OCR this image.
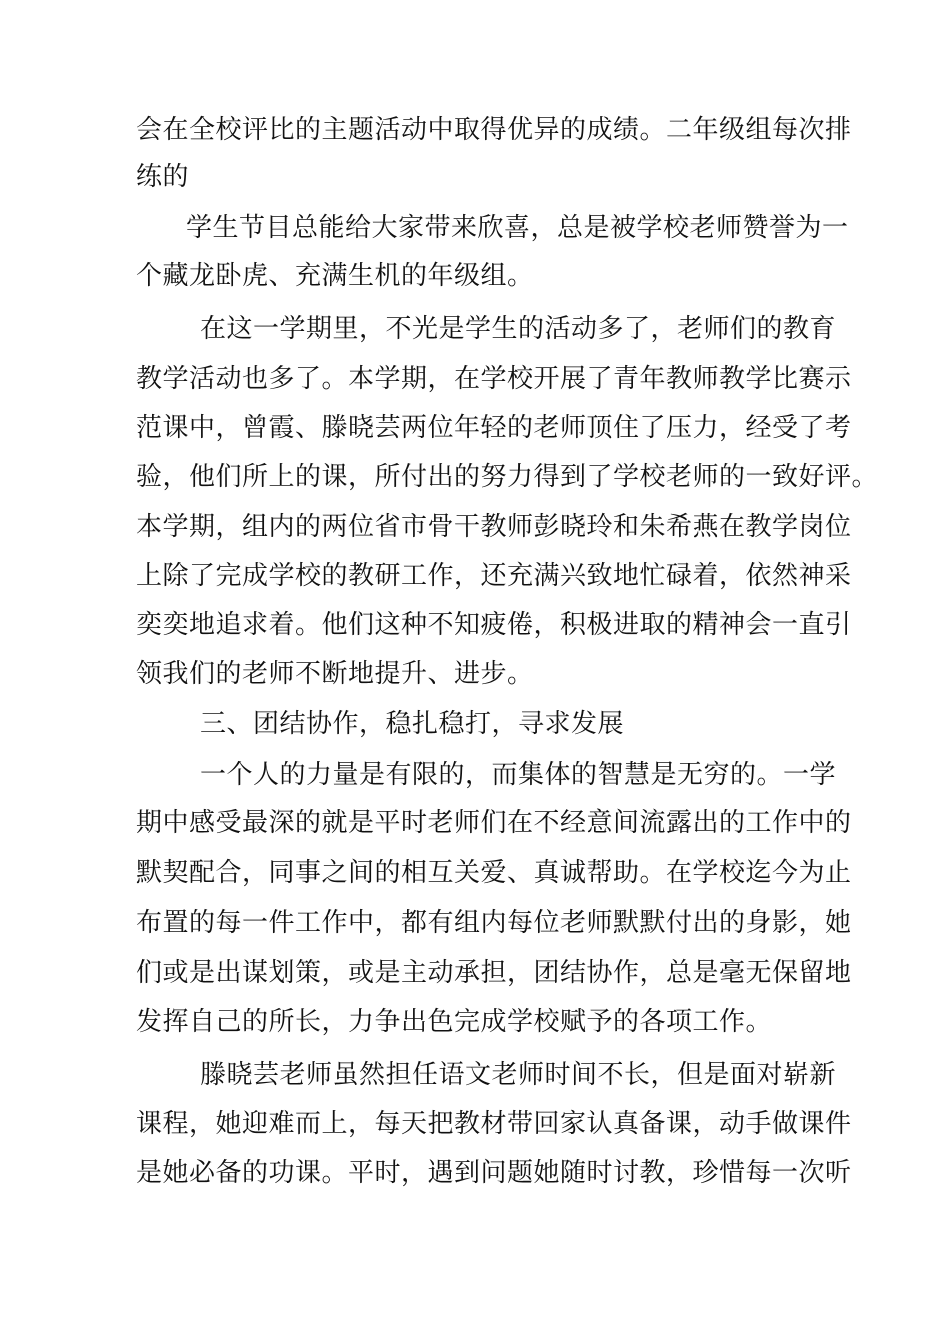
会在全校评比的主题活动中取得优异的成绩。二年级组每次排
练的
学生节目总能给大家带来欣喜，总是被学校老师赞誉为一
个藏龙卧虎、充满生机的年级组。
在这一学期里，不光是学生的活动多了，老师们的教育
教学活动也多了。本学期，在学校开展了青年教师教学比赛示
范课中，曾霞、滕晓芸两位年轻的老师顶住了压力，经受了考
验，他们所上的课，所付出的努力得到了学校老师的一致好评。
本学期，组内的两位省市骨干教师彭晓玲和朱希燕在教学岗位
上除了完成学校的教研工作，还充满兴致地忙碌着，依然神采
奕奕地追求着。他们这种不知疲倦，积极进取的精神会一直引
领我们的老师不断地提升、进步。
三、团结协作，稳扎稳打，寻求发展
一个人的力量是有限的，而集体的智慧是无穷的。一学
期中感受最深的就是平时老师们在不经意间流露出的工作中的
默契配合，同事之间的相互关爱、真诚帮助。在学校迄今为止
布置的每一件工作中，都有组内每位老师默默付出的身影，她
们或是出谋划策，或是主动承担，团结协作，总是毫无保留地
发挥自己的所长，力争出色完成学校赋予的各项工作。
滕晓芸老师虽然担任语文老师时间不长，但是面对崭新
课程，她迎难而上，每天把教材带回家认真备课，动手做课件
是她必备的功课。平时，遇到问题她随时讨教，珍惜每一次听
